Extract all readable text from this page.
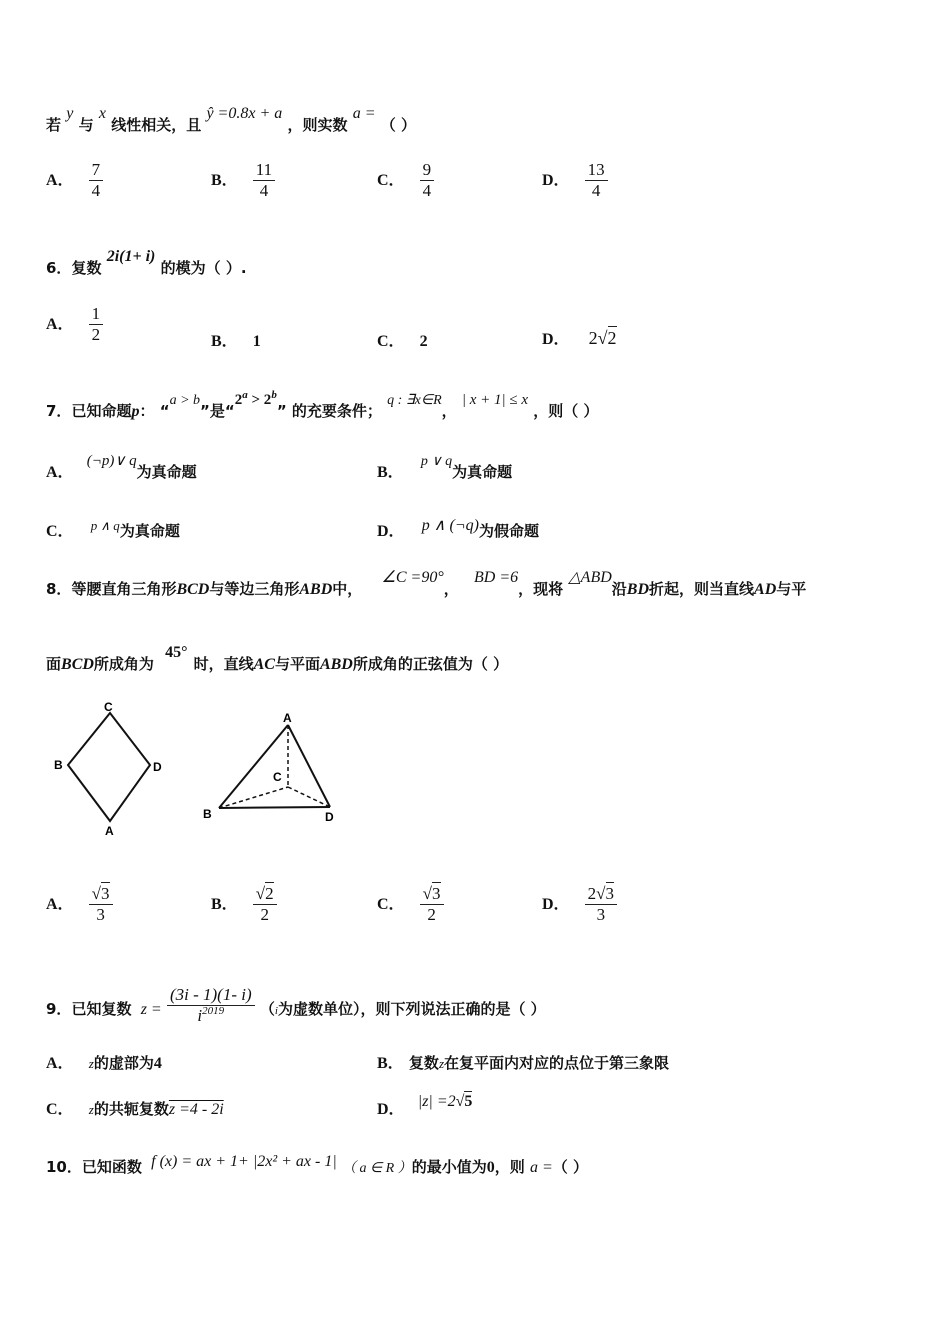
若 y 与 x 线性相关，且 ŷ =0.8x + a ，则实数 a = （ ）
A． $\frac{7}{4}$	B． $\frac{11}{4}$	C． $\frac{9}{4}$	D． $\frac{13}{4}$
6．复数 2i(1+ i) 的模为（ ）.
A． $\frac{1}{2}$	B． 1	C． 2	D． 2√2
7．已知命题p： “a > b”是“$2^a > 2^b$” 的充要条件； q : ∃x∈R， | x + 1| ≤ x ，则（ ）
A． (¬p)∨ q为真命题	B． p ∨ q为真命题
C． p ∧ q为真命题	D． p ∧ (¬q)为假命题
8．等腰直角三角形BCD与等边三角形ABD中， ∠C =90°， BD =6，现将 △ABD沿BD折起，则当直线AD与平
面BCD所成角为 45°时，直线AC与平面ABD所成角的正弦值为（ ）
C
B	D
A
A
C
B	D
A． $\frac{√3}{3}$	B． $\frac{√2}{2}$	C． $\frac{√3}{2}$	D． $\frac{2√3}{3}$
9．已知复数 $z = \frac{(3i - 1)(1- i)}{i^{2019}} (i$为虚数单位），则下列说法正确的是（ ）
A． z的虚部为4	B． 复数z在复平面内对应的点位于第三象限
C． z的共轭复数z =4 - 2i	D． |z| =2√5
10．已知函数 f (x) = ax + 1+ |2x² + ax - 1| （ a ∈ R ）的最小值为0，则 a =（ ）
